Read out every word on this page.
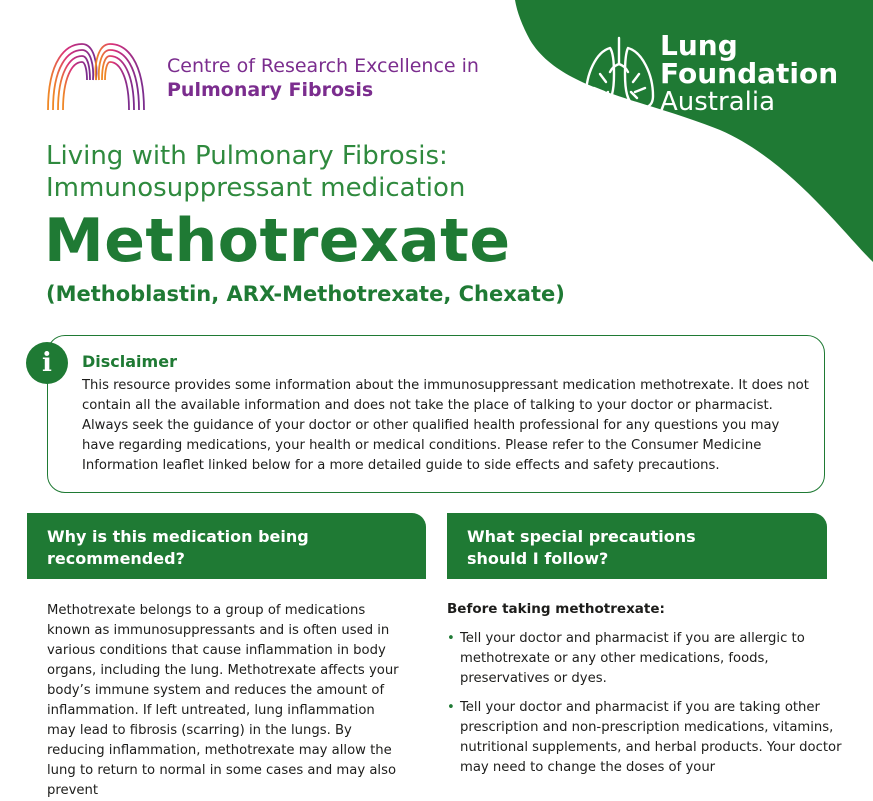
Centre of Research Excellence in
Pulmonary Fibrosis
Lung
Foundation
Australia
Living with Pulmonary Fibrosis:
Immunosuppressant medication
Methotrexate
(Methoblastin, ARX-Methotrexate, Chexate)
i	Disclaimer
This resource provides some information about the immunosuppressant medication methotrexate. It does not contain all the available information and does not take the place of talking to your doctor or pharmacist. Always seek the guidance of your doctor or other qualified health professional for any questions you may have regarding medications, your health or medical conditions. Please refer to the Consumer Medicine Information leaflet linked below for a more detailed guide to side effects and safety precautions.
Why is this medication being
recommended?
What special precautions
should I follow?
Methotrexate belongs to a group of medications known as immunosuppressants and is often used in various conditions that cause inflammation in body organs, including the lung. Methotrexate affects your body’s immune system and reduces the amount of inflammation. If left untreated, lung inflammation may lead to fibrosis (scarring) in the lungs. By reducing inflammation, methotrexate may allow the lung to return to normal in some cases and may also prevent
Before taking methotrexate:
• Tell your doctor and pharmacist if you are allergic to methotrexate or any other medications, foods, preservatives or dyes.
• Tell your doctor and pharmacist if you are taking other prescription and non-prescription medications, vitamins, nutritional supplements, and herbal products. Your doctor may need to change the doses of your
